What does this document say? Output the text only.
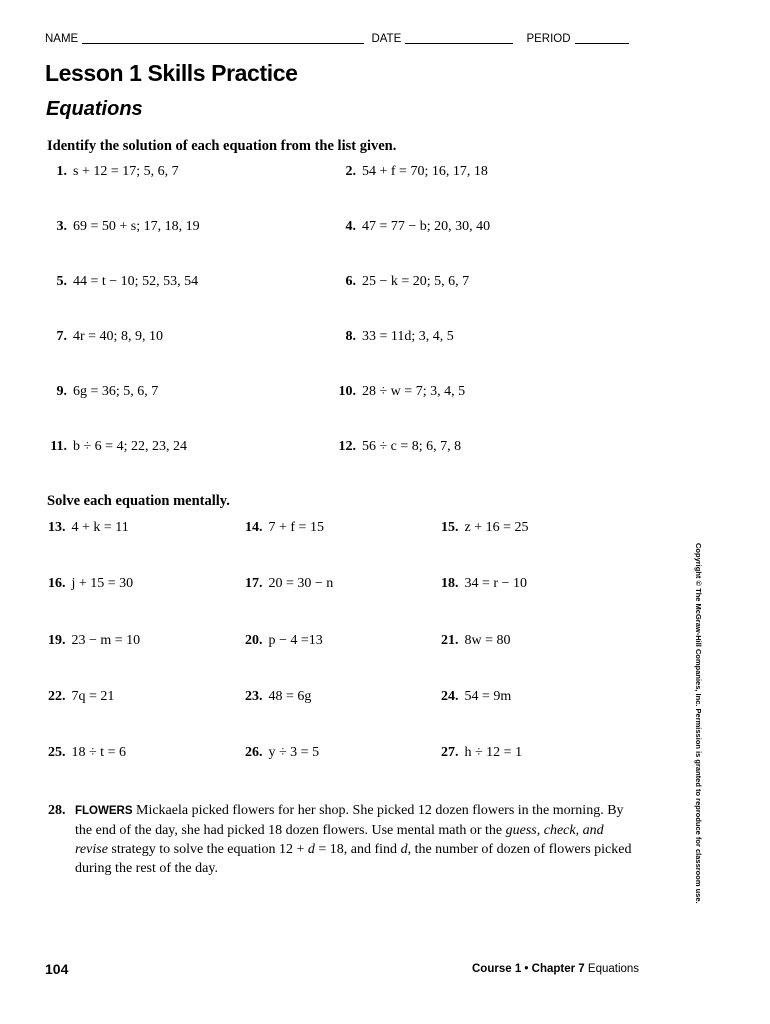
NAME	DATE	PERIOD
Lesson 1 Skills Practice
Equations
Identify the solution of each equation from the list given.
1. s + 12 = 17; 5, 6, 7	2. 54 + f = 70; 16, 17, 18
3. 69 = 50 + s; 17, 18, 19	4. 47 = 77 − b; 20, 30, 40
5. 44 = t − 10; 52, 53, 54	6. 25 − k = 20; 5, 6, 7
7. 4r = 40; 8, 9, 10	8. 33 = 11d; 3, 4, 5
9. 6g = 36; 5, 6, 7	10. 28 ÷ w = 7; 3, 4, 5
11. b ÷ 6 = 4; 22, 23, 24	12. 56 ÷ c = 8; 6, 7, 8
Solve each equation mentally.
13. 4 + k = 11	14. 7 + f = 15	15. z + 16 = 25
16. j + 15 = 30	17. 20 = 30 − n	18. 34 = r − 10
19. 23 − m = 10	20. p − 4 =13	21. 8w = 80
22. 7q = 21	23. 48 = 6g	24. 54 = 9m
25. 18 ÷ t = 6	26. y ÷ 3 = 5	27. h ÷ 12 = 1
28. FLOWERS Mickaela picked flowers for her shop. She picked 12 dozen flowers in the morning. By the end of the day, she had picked 18 dozen flowers. Use mental math or the guess, check, and revise strategy to solve the equation 12 + d = 18, and find d, the number of dozen of flowers picked during the rest of the day.	Copyright © The McGraw-Hill Companies, Inc. Permission is granted to reproduce for classroom use.
104	Course 1 • Chapter 7 Equations
